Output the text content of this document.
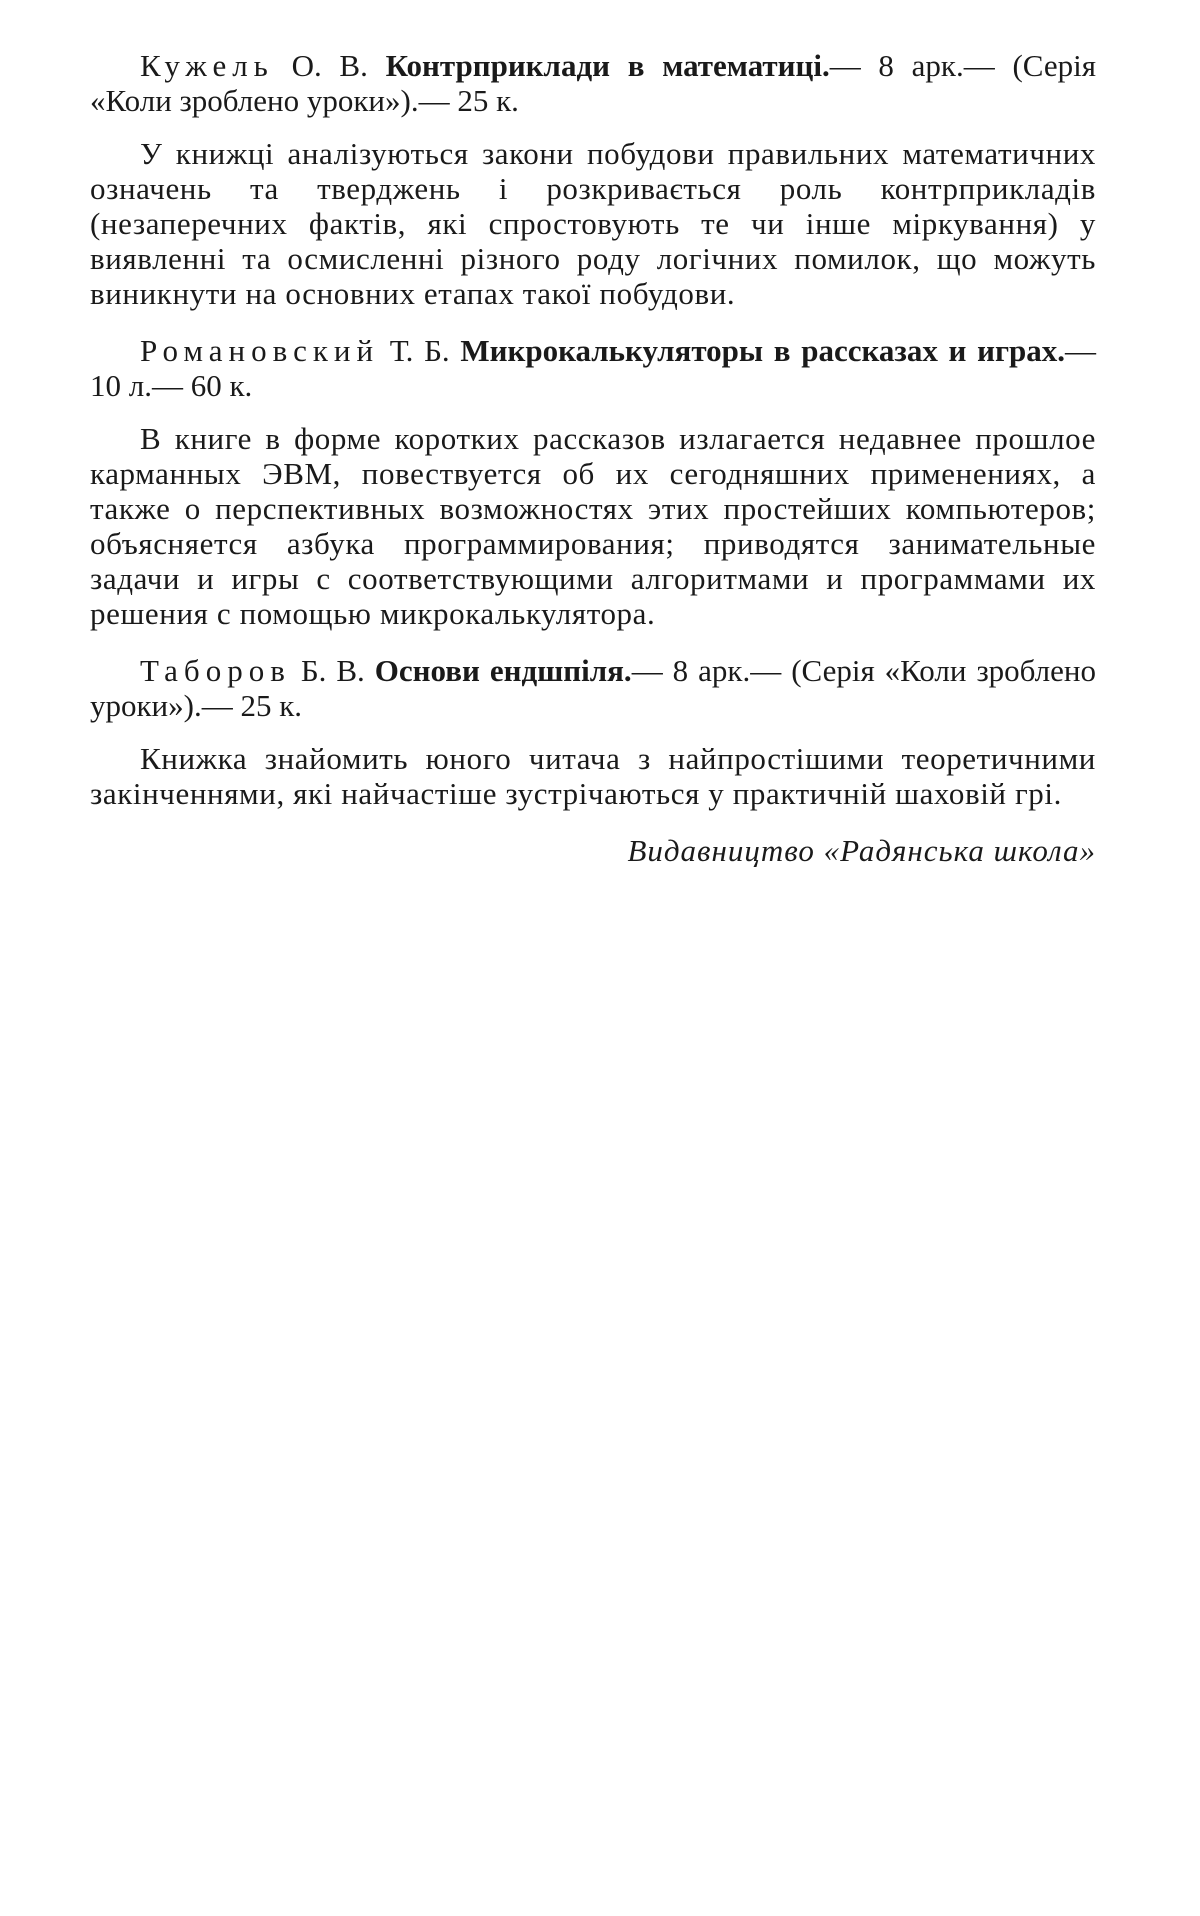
Кужель О. В. Контрприклади в математиці.— 8 арк.— (Серія «Коли зроблено уроки»).— 25 к.

У книжці аналізуються закони побудови правильних математичних означень та тверджень і розкривається роль контрприкладів (незаперечних фактів, які спростовують те чи інше міркування) у виявленні та осмисленні різного роду логічних помилок, що можуть виникнути на основних етапах такої побудови.

Романовский Т. Б. Микрокалькуляторы в рассказах и играх.— 10 л.— 60 к.

В книге в форме коротких рассказов излагается недавнее прошлое карманных ЭВМ, повествуется об их сегодняшних применениях, а также о перспективных возможностях этих простейших компьютеров; объясняется азбука программирования; приводятся занимательные задачи и игры с соответствующими алгоритмами и программами их решения с помощью микрокалькулятора.

Таборов Б. В. Основи ендшпіля.— 8 арк.— (Серія «Коли зроблено уроки»).— 25 к.

Книжка знайомить юного читача з найпростішими теоретичними закінченнями, які найчастіше зустрічаються у практичній шаховій грі.

Видавництво «Радянська школа»
